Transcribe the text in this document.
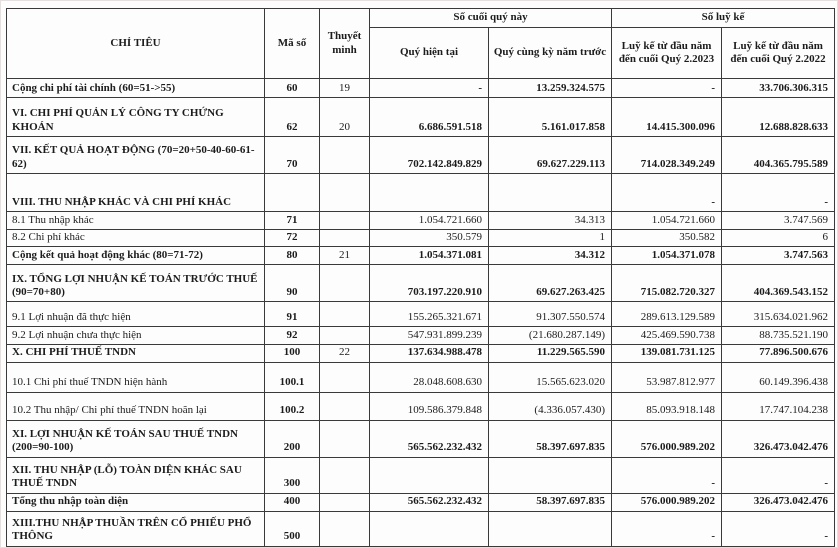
CHỈ TIÊU	Mã số	Thuyết minh	Số cuối quý này		Số luỹ kế	
			Quý hiện tại	Quý cùng kỳ năm trước	Luỹ kế từ đầu năm đến cuối Quý 2.2023	Luỹ kế từ đầu năm đến cuối Quý 2.2022
Cộng chi phí tài chính (60=51->55)	60	19	-	13.259.324.575	-	33.706.306.315
VI. CHI PHÍ QUẢN LÝ CÔNG TY CHỨNG KHOÁN	62	20	6.686.591.518	5.161.017.858	14.415.300.096	12.688.828.633
VII. KẾT QUẢ HOẠT ĐỘNG (70=20+50-40-60-61-62)	70		702.142.849.829	69.627.229.113	714.028.349.249	404.365.795.589
VIII. THU NHẬP KHÁC VÀ CHI PHÍ KHÁC					-	-
8.1 Thu nhập khác	71		1.054.721.660	34.313	1.054.721.660	3.747.569
8.2 Chi phí khác	72		350.579	1	350.582	6
Cộng kết quả hoạt động khác (80=71-72)	80	21	1.054.371.081	34.312	1.054.371.078	3.747.563
IX. TỔNG LỢI NHUẬN KẾ TOÁN TRƯỚC THUẾ (90=70+80)	90		703.197.220.910	69.627.263.425	715.082.720.327	404.369.543.152
9.1 Lợi nhuận đã thực hiện	91		155.265.321.671	91.307.550.574	289.613.129.589	315.634.021.962
9.2 Lợi nhuận chưa thực hiện	92		547.931.899.239	(21.680.287.149)	425.469.590.738	88.735.521.190
X. CHI PHÍ THUẾ TNDN	100	22	137.634.988.478	11.229.565.590	139.081.731.125	77.896.500.676
10.1 Chi phí thuế TNDN hiện hành	100.1		28.048.608.630	15.565.623.020	53.987.812.977	60.149.396.438
10.2 Thu nhập/ Chi phí thuế TNDN hoãn lại	100.2		109.586.379.848	(4.336.057.430)	85.093.918.148	17.747.104.238
XI. LỢI NHUẬN KẾ TOÁN SAU THUẾ TNDN (200=90-100)	200		565.562.232.432	58.397.697.835	576.000.989.202	326.473.042.476
XII. THU NHẬP (LỖ) TOÀN DIỆN KHÁC SAU THUẾ TNDN	300				-	-
Tổng thu nhập toàn diện	400		565.562.232.432	58.397.697.835	576.000.989.202	326.473.042.476
XIII.THU NHẬP THUẦN TRÊN CỔ PHIẾU PHỔ THÔNG	500				-	-
